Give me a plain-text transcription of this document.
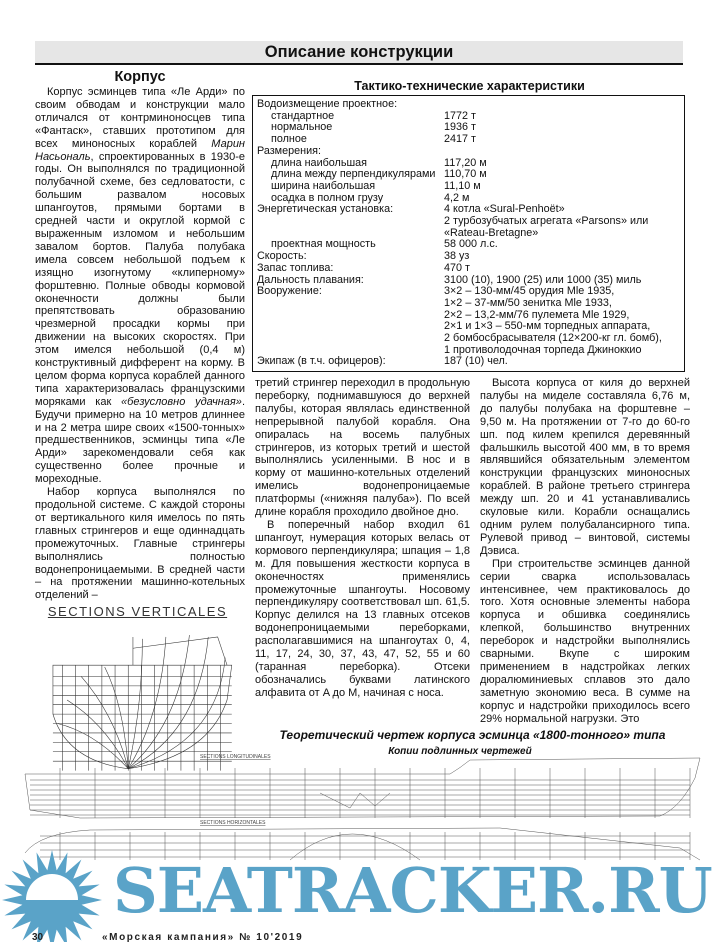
Описание конструкции
Корпус

Корпус эсминцев типа «Ле Арди» по своим обводам и конструкции мало отличался от контрминоносцев типа «Фантаск», ставших прототипом для всех миноносных кораблей Марин Насьональ, спроектированных в 1930-е годы. Он выполнялся по традиционной полубачной схеме, без седловатости, с большим развалом носовых шпангоутов, прямыми бортами в средней части и округлой кормой с выраженным изломом и небольшим завалом бортов. Палуба полубака имела совсем небольшой подъем к изящно изогнутому «клиперному» форштевню. Полные обводы кормовой оконечности должны были препятствовать образованию чрезмерной просадки кормы при движении на высоких скоростях. При этом имелся небольшой (0,4 м) конструктивный дифферент на корму. В целом форма корпуса кораблей данного типа характеризовалась французскими моряками как «безусловно удачная». Будучи примерно на 10 метров длиннее и на 2 метра шире своих «1500-тонных» предшественников, эсминцы типа «Ле Арди» зарекомендовали себя как существенно более прочные и мореходные.

Набор корпуса выполнялся по продольной системе. С каждой стороны от вертикального киля имелось по пять главных стрингеров и еще одиннадцать промежуточных. Главные стрингеры выполнялись полностью водонепроницаемыми. В средней части – на протяжении машинно-котельных отделений –

SECTIONS VERTICALES
Тактико-технические характеристики
Водоизмещение проектное:
стандартное	1772 т
нормальное	1936 т
полное	2417 т
Размерения:
длина наибольшая	117,20 м
длина между перпендикулярами 110,70 м
ширина наибольшая	11,10 м
осадка в полном грузу	4,2 м
Энергетическая установка:	4 котла «Sural-Penhoët»
2 турбозубчатых агрегата «Parsons» или
«Rateau-Bretagne»
проектная мощность	58 000 л.с.
Скорость:	38 уз
Запас топлива:	470 т
Дальность плавания:	3100 (10), 1900 (25) или 1000 (35) миль
Вооружение:	3×2 – 130-мм/45 орудия Mle 1935,
1×2 – 37-мм/50 зенитка Mle 1933,
2×2 – 13,2-мм/76 пулемета Mle 1929,
2×1 и 1×3 – 550-мм торпедных аппарата,
2 бомбосбрасывателя (12×200-кг гл. бомб),
1 противолодочная торпеда Джиноккио
Экипаж (в т.ч. офицеров):	187 (10) чел.

третий стрингер переходил в продольную переборку, поднимавшуюся до верхней палубы, которая являлась единственной непрерывной палубой корабля. Она опиралась на восемь палубных стрингеров, из которых третий и шестой выполнялись усиленными. В нос и в корму от машинно-котельных отделений имелись водонепроницаемые платформы («нижняя палуба»). По всей длине корабля проходило двойное дно.

В поперечный набор входил 61 шпангоут, нумерация которых велась от кормового перпендикуляра; шпация – 1,8 м. Для повышения жесткости корпуса в оконечностях применялись промежуточные шпангоуты. Носовому перпендикуляру соответствовал шп. 61,5. Корпус делился на 13 главных отсеков водонепроницаемыми переборками, располагавшимися на шпангоутах 0, 4, 11, 17, 24, 30, 37, 43, 47, 52, 55 и 60 (таранная переборка). Отсеки обозначались буквами латинского алфавита от A до M, начиная с носа.

Высота корпуса от киля до верхней палубы на миделе составляла 6,76 м, до палубы полубака на форштевне – 9,50 м. На протяжении от 7-го до 60-го шп. под килем крепился деревянный фальшкиль высотой 400 мм, в то время являвшийся обязательным элементом конструкции французских миноносных кораблей. В районе третьего стрингера между шп. 20 и 41 устанавливались скуловые кили. Корабли оснащались одним рулем полубалансирного типа. Рулевой привод – винтовой, системы Дэвиса.

При строительстве эсминцев данной серии сварка использовалась интенсивнее, чем практиковалось до того. Хотя основные элементы набора корпуса и обшивка соединялись клепкой, большинство внутренних переборок и надстройки выполнялись сварными. Вкупе с широким применением в надстройках легких дюралюминиевых сплавов это дало заметную экономию веса. В сумме на корпус и надстройки приходилось всего 29% нормальной нагрузки. Это

Теоретический чертеж корпуса эсминца «1800-тонного» типа
Копии подлинных чертежей
SECTIONS LONGITUDINALES
SECTIONS HORIZONTALES
SEATRACKER.RU
30	«Морская кампания» № 10'2019
